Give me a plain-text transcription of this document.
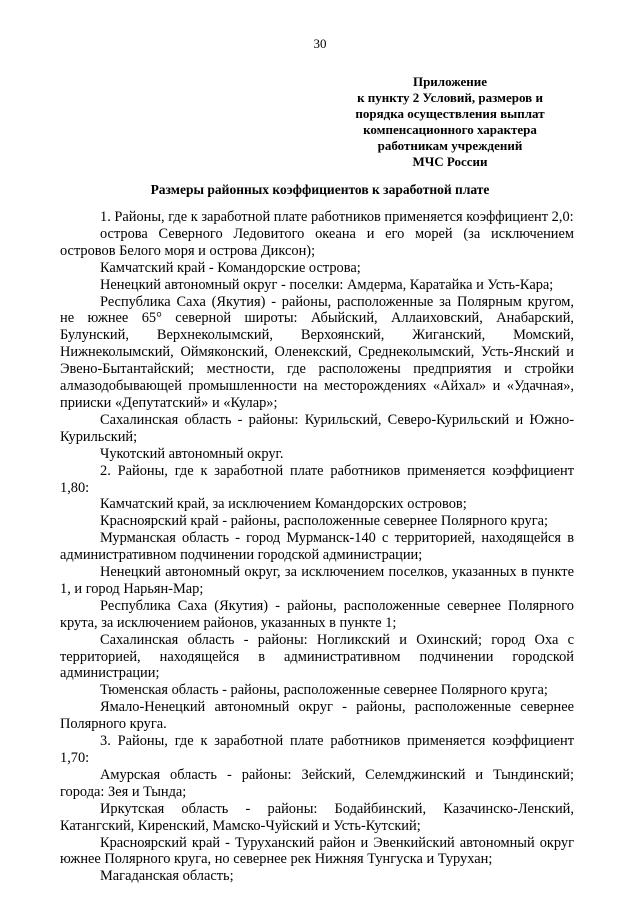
30
Приложение
к пункту 2 Условий, размеров и
порядка осуществления выплат
компенсационного характера
работникам учреждений
МЧС России
Размеры районных коэффициентов к заработной плате

1. Районы, где к заработной плате работников применяется коэффициент 2,0:

острова Северного Ледовитого океана и его морей (за исключением островов Белого моря и острова Диксон);

Камчатский край - Командорские острова;

Ненецкий автономный округ - поселки: Амдерма, Каратайка и Усть-Кара;

Республика Саха (Якутия) - районы, расположенные за Полярным кругом, не южнее 65° северной широты: Абыйский, Аллаиховский, Анабарский, Булунский, Верхнеколымский, Верхоянский, Жиганский, Момский, Нижнеколымский, Оймяконский, Оленекский, Среднеколымский, Усть-Янский и Эвено-Бытантайский; местности, где расположены предприятия и стройки алмазодобывающей промышленности на месторождениях «Айхал» и «Удачная», прииски «Депутатский» и «Кулар»;

Сахалинская область - районы: Курильский, Северо-Курильский и Южно-Курильский;

Чукотский автономный округ.

2. Районы, где к заработной плате работников применяется коэффициент 1,80:

Камчатский край, за исключением Командорских островов;

Красноярский край - районы, расположенные севернее Полярного круга;

Мурманская область - город Мурманск-140 с территорией, находящейся в административном подчинении городской администрации;

Ненецкий автономный округ, за исключением поселков, указанных в пункте 1, и город Нарьян-Мар;

Республика Саха (Якутия) - районы, расположенные севернее Полярного крута, за исключением районов, указанных в пункте 1;

Сахалинская область - районы: Ногликский и Охинский; город Оха с территорией, находящейся в административном подчинении городской администрации;

Тюменская область - районы, расположенные севернее Полярного круга;

Ямало-Ненецкий автономный округ - районы, расположенные севернее Полярного круга.

3. Районы, где к заработной плате работников применяется коэффициент 1,70:

Амурская область - районы: Зейский, Селемджинский и Тындинский; города: Зея и Тында;

Иркутская область - районы: Бодайбинский, Казачинско-Ленский, Катангский, Киренский, Мамско-Чуйский и Усть-Кутский;

Красноярский край - Туруханский район и Эвенкийский автономный округ южнее Полярного круга, но севернее рек Нижняя Тунгуска и Турухан;

Магаданская область;
